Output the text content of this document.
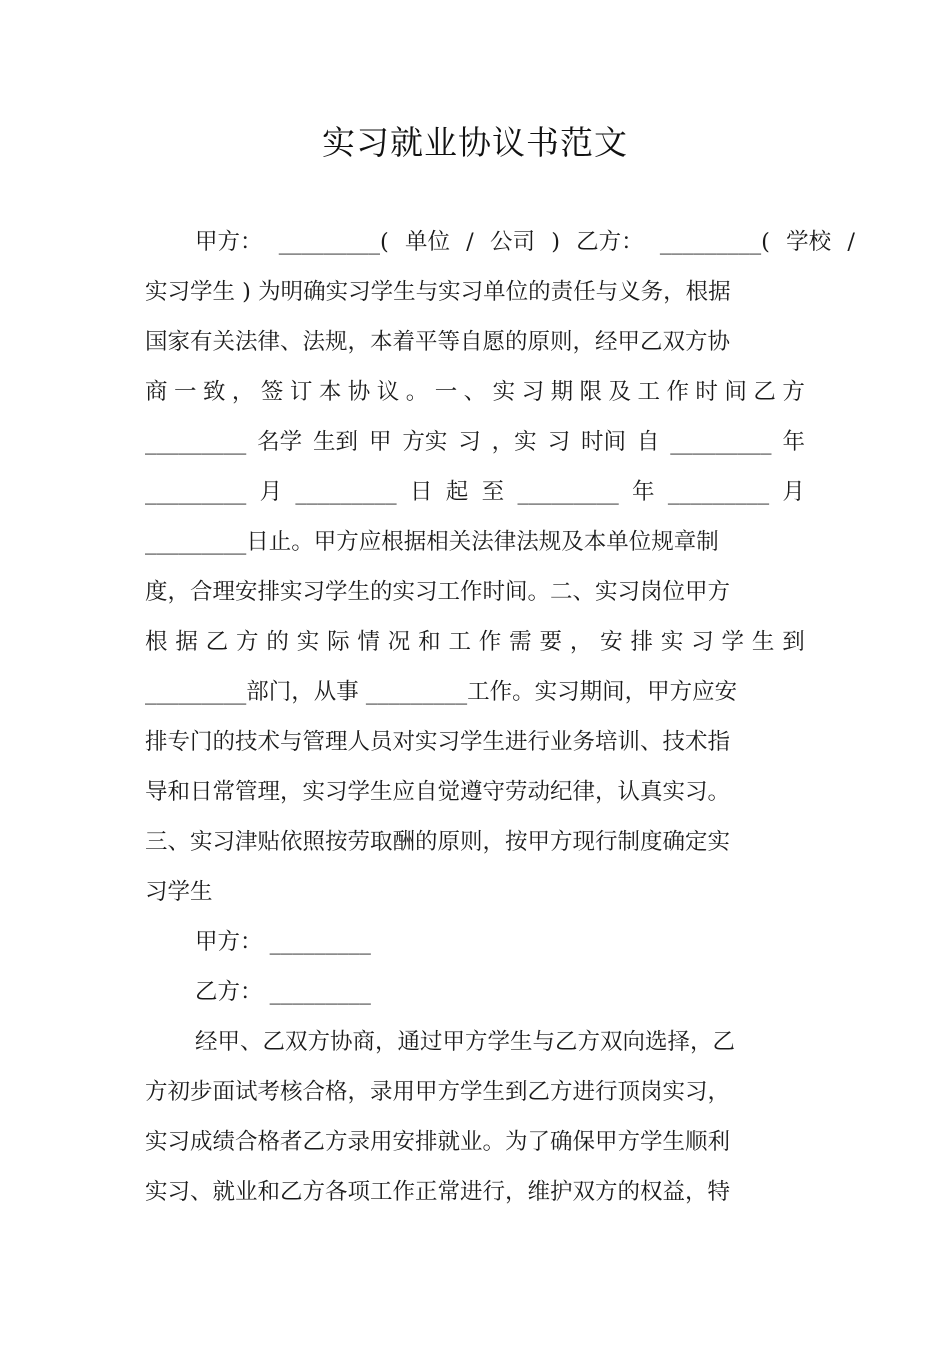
实习就业协议书范文
甲方： _________( 单位 / 公司 ) 乙方： _________( 学校 /
实习学生 ) 为明确实习学生与实习单位的责任与义务，根据
国家有关法律、法规，本着平等自愿的原则，经甲乙双方协
商 一 致 ， 签 订 本 协 议 。 一 、 实 习 期 限 及 工 作 时 间 乙 方
_________ 名学 生到 甲 方实 习 ，实 习 时间 自 _________ 年
_________ 月 _________ 日 起 至 _________ 年 _________ 月
_________日止。甲方应根据相关法律法规及本单位规章制
度，合理安排实习学生的实习工作时间。二、实习岗位甲方
根 据 乙 方 的 实 际 情 况 和 工 作 需 要 ， 安 排 实 习 学 生 到
_________部门，从事 _________工作。实习期间，甲方应安
排专门的技术与管理人员对实习学生进行业务培训、技术指
导和日常管理，实习学生应自觉遵守劳动纪律，认真实习。
三、实习津贴依照按劳取酬的原则，按甲方现行制度确定实
习学生
甲方： _________
乙方： _________
经甲、乙双方协商，通过甲方学生与乙方双向选择，乙
方初步面试考核合格，录用甲方学生到乙方进行顶岗实习，
实习成绩合格者乙方录用安排就业。为了确保甲方学生顺利
实习、就业和乙方各项工作正常进行，维护双方的权益，特
